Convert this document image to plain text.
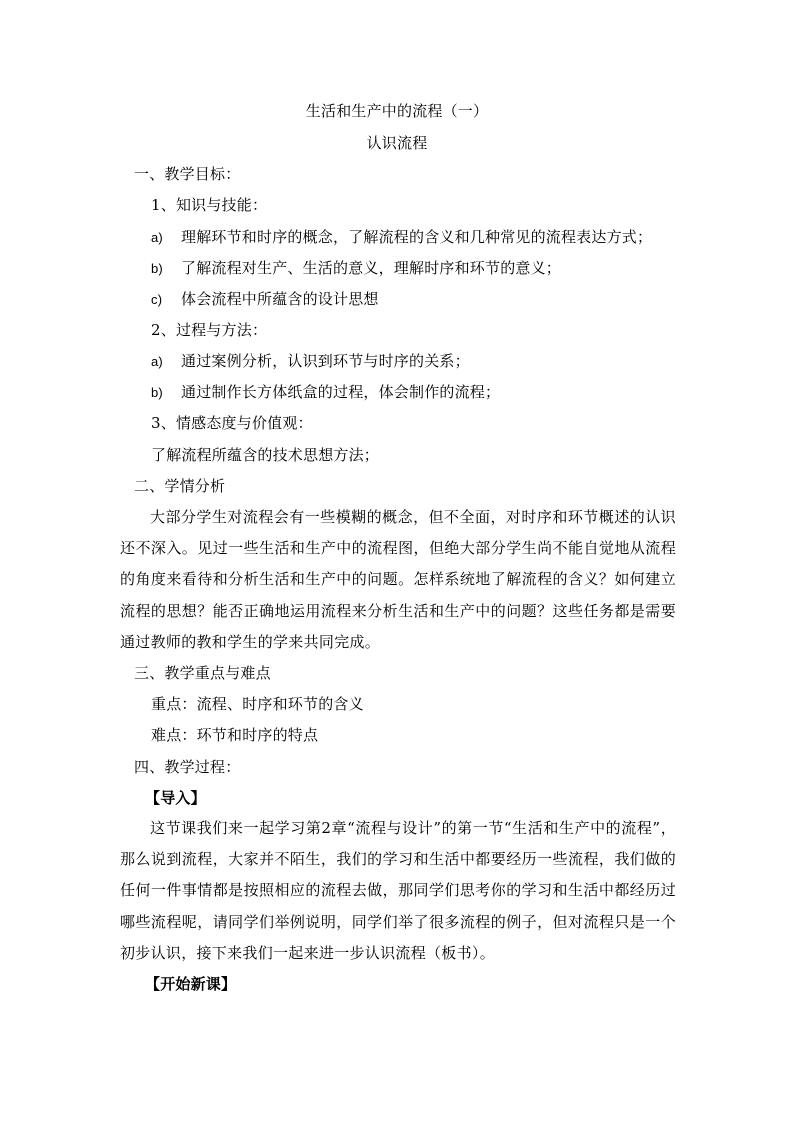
生活和生产中的流程（一）
认识流程
一、教学目标：
1、知识与技能：
a) 理解环节和时序的概念，了解流程的含义和几种常见的流程表达方式；
b) 了解流程对生产、生活的意义，理解时序和环节的意义；
c) 体会流程中所蕴含的设计思想
2、过程与方法：
a) 通过案例分析，认识到环节与时序的关系；
b) 通过制作长方体纸盒的过程，体会制作的流程；
3、情感态度与价值观：
了解流程所蕴含的技术思想方法；
二、学情分析
大部分学生对流程会有一些模糊的概念，但不全面，对时序和环节概述的认识还不深入。见过一些生活和生产中的流程图，但绝大部分学生尚不能自觉地从流程的角度来看待和分析生活和生产中的问题。怎样系统地了解流程的含义？如何建立流程的思想？能否正确地运用流程来分析生活和生产中的问题？这些任务都是需要通过教师的教和学生的学来共同完成。
三、教学重点与难点
重点：流程、时序和环节的含义
难点：环节和时序的特点
四、教学过程：
【导入】
这节课我们来一起学习第2章“流程与设计”的第一节“生活和生产中的流程”，那么说到流程，大家并不陌生，我们的学习和生活中都要经历一些流程，我们做的任何一件事情都是按照相应的流程去做，那同学们思考你的学习和生活中都经历过哪些流程呢，请同学们举例说明，同学们举了很多流程的例子，但对流程只是一个初步认识，接下来我们一起来进一步认识流程（板书）。
【开始新课】
